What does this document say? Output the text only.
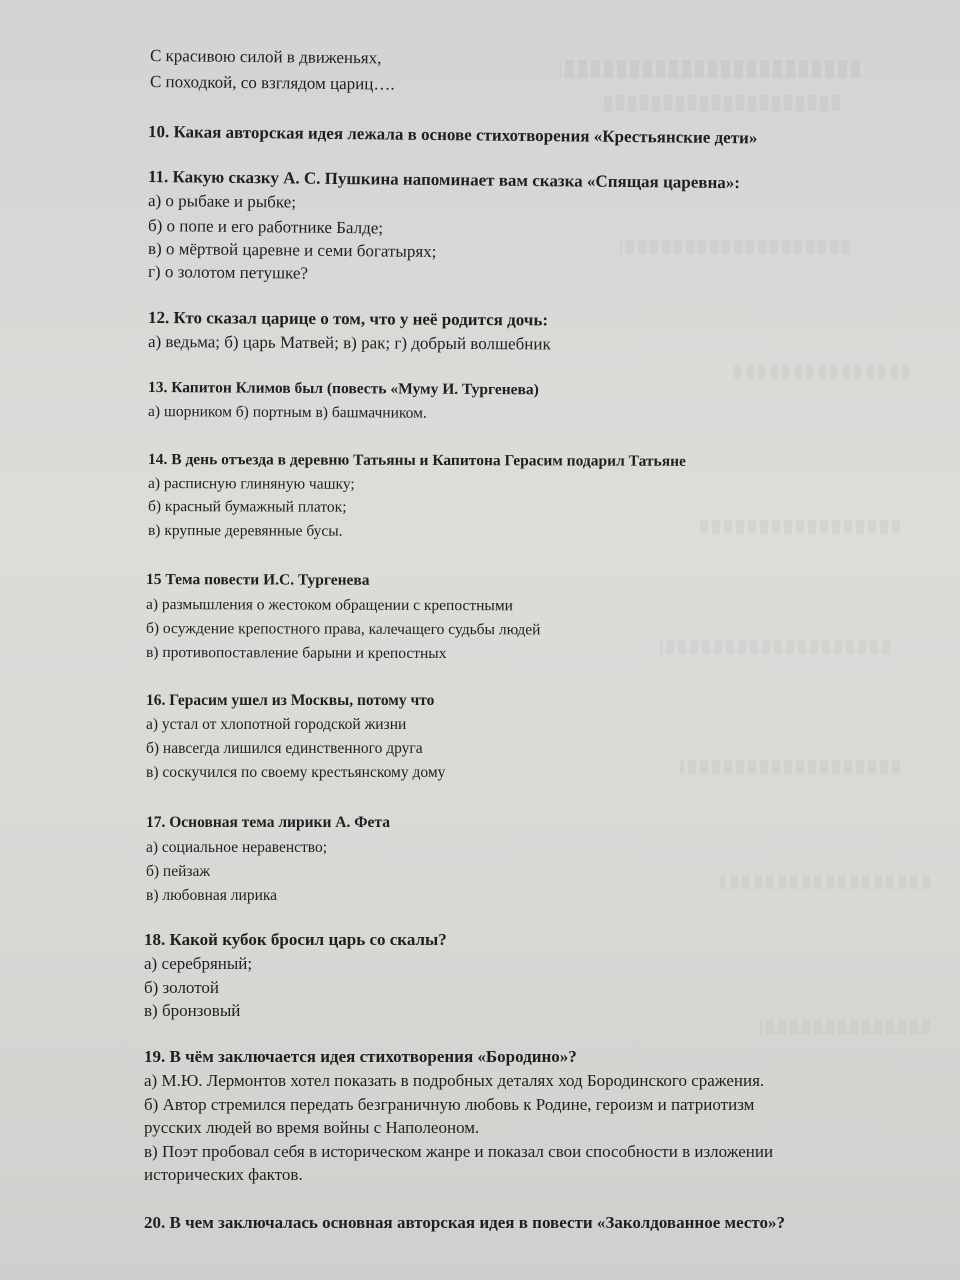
С красивою силой в движеньях,
С походкой, со взглядом цариц….
10. Какая авторская идея лежала в основе стихотворения «Крестьянские дети»
11. Какую сказку А. С. Пушкина напоминает вам сказка «Спящая царевна»:
а) о рыбаке и рыбке;
б) о попе и его работнике Балде;
в) о мёртвой царевне и семи богатырях;
г) о золотом петушке?
12. Кто сказал царице о том, что у неё родится дочь:
а) ведьма; б) царь Матвей; в) рак; г) добрый волшебник
13. Капитон Климов был (повесть «Муму И. Тургенева)
а) шорником б) портным в) башмачником.
14. В день отъезда в деревню Татьяны и Капитона Герасим подарил Татьяне
а) расписную глиняную чашку;
б) красный бумажный платок;
в) крупные деревянные бусы.
15 Тема повести И.С. Тургенева
а) размышления о жестоком обращении с крепостными
б) осуждение крепостного права, калечащего судьбы людей
в) противопоставление барыни и крепостных
16. Герасим ушел из Москвы, потому что
а) устал от хлопотной городской жизни
б) навсегда лишился единственного друга
в) соскучился по своему крестьянскому дому
17. Основная тема лирики А. Фета
а) социальное неравенство;
б) пейзаж
в) любовная лирика
18. Какой кубок бросил царь со скалы?
а) серебряный;
б) золотой
в) бронзовый
19. В чём заключается идея стихотворения «Бородино»?
а) М.Ю. Лермонтов хотел показать в подробных деталях ход Бородинского сражения.
б) Автор стремился передать безграничную любовь к Родине, героизм и патриотизм
русских людей во время войны с Наполеоном.
в) Поэт пробовал себя в историческом жанре и показал свои способности в изложении
исторических фактов.
20. В чем заключалась основная авторская идея в повести «Заколдованное место»?
